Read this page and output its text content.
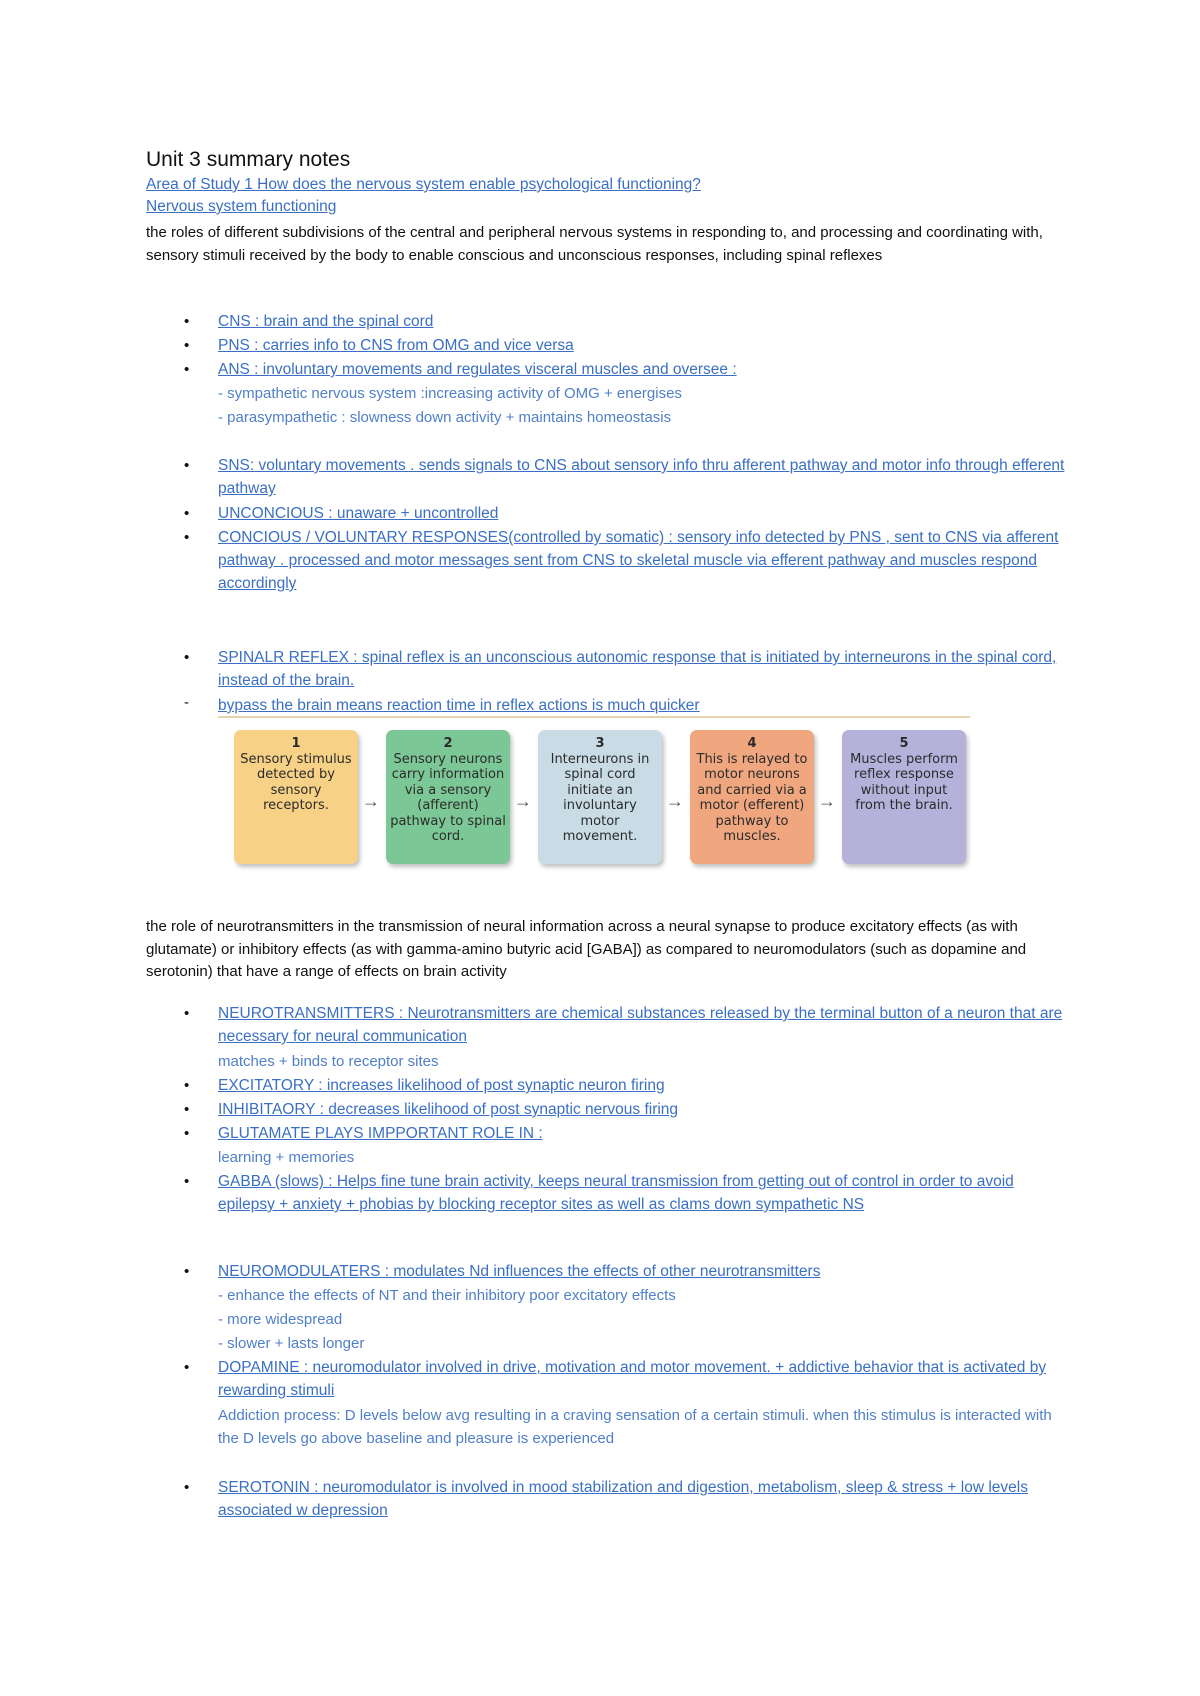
Unit 3 summary notes
Area of Study 1 How does the nervous system enable psychological functioning?
Nervous system functioning

the roles of different subdivisions of the central and peripheral nervous systems in responding to, and processing and coordinating with, sensory stimuli received by the body to enable conscious and unconscious responses, including spinal reflexes

• CNS : brain and the spinal cord
• PNS : carries info to CNS from OMG and vice versa
• ANS : involuntary movements and regulates visceral muscles and oversee :
- sympathetic nervous system :increasing activity of OMG + energises
- parasympathetic : slowness down activity + maintains homeostasis
• SNS: voluntary movements . sends signals to CNS about sensory info thru afferent pathway and motor info through efferent pathway
• UNCONCIOUS : unaware + uncontrolled
• CONCIOUS / VOLUNTARY RESPONSES(controlled by somatic) : sensory info detected by PNS , sent to CNS via afferent pathway . processed and motor messages sent from CNS to skeletal muscle via efferent pathway and muscles respond accordingly
• SPINALR REFLEX : spinal reflex is an unconscious autonomic response that is initiated by interneurons in the spinal cord, instead of the brain.
- bypass the brain means reaction time in reflex actions is much quicker
1
Sensory stimulus detected by sensory receptors.	→
2
Sensory neurons carry information via a sensory (afferent) pathway to spinal cord.
→
3
Interneurons in spinal cord initiate an involuntary motor movement.
→
4
This is relayed to motor neurons and carried via a motor (efferent) pathway to muscles.
→
5
Muscles perform reflex response without input from the brain.

the role of neurotransmitters in the transmission of neural information across a neural synapse to produce excitatory effects (as with glutamate) or inhibitory effects (as with gamma-amino butyric acid [GABA]) as compared to neuromodulators (such as dopamine and serotonin) that have a range of effects on brain activity

• NEUROTRANSMITTERS : Neurotransmitters are chemical substances released by the terminal button of a neuron that are necessary for neural communication
matches + binds to receptor sites
• EXCITATORY : increases likelihood of post synaptic neuron firing
• INHIBITAORY : decreases likelihood of post synaptic nervous firing
• GLUTAMATE PLAYS IMPPORTANT ROLE IN :
learning + memories
• GABBA (slows) : Helps fine tune brain activity, keeps neural transmission from getting out of control in order to avoid epilepsy + anxiety + phobias by blocking receptor sites as well as clams down sympathetic NS
• NEUROMODULATERS : modulates Nd influences the effects of other neurotransmitters
- enhance the effects of NT and their inhibitory poor excitatory effects
- more widespread
- slower + lasts longer
• DOPAMINE : neuromodulator involved in drive, motivation and motor movement. + addictive behavior that is activated by rewarding stimuli
Addiction process: D levels below avg resulting in a craving sensation of a certain stimuli. when this stimulus is interacted with the D levels go above baseline and pleasure is experienced
• SEROTONIN : neuromodulator is involved in mood stabilization and digestion, metabolism, sleep & stress + low levels associated w depression
